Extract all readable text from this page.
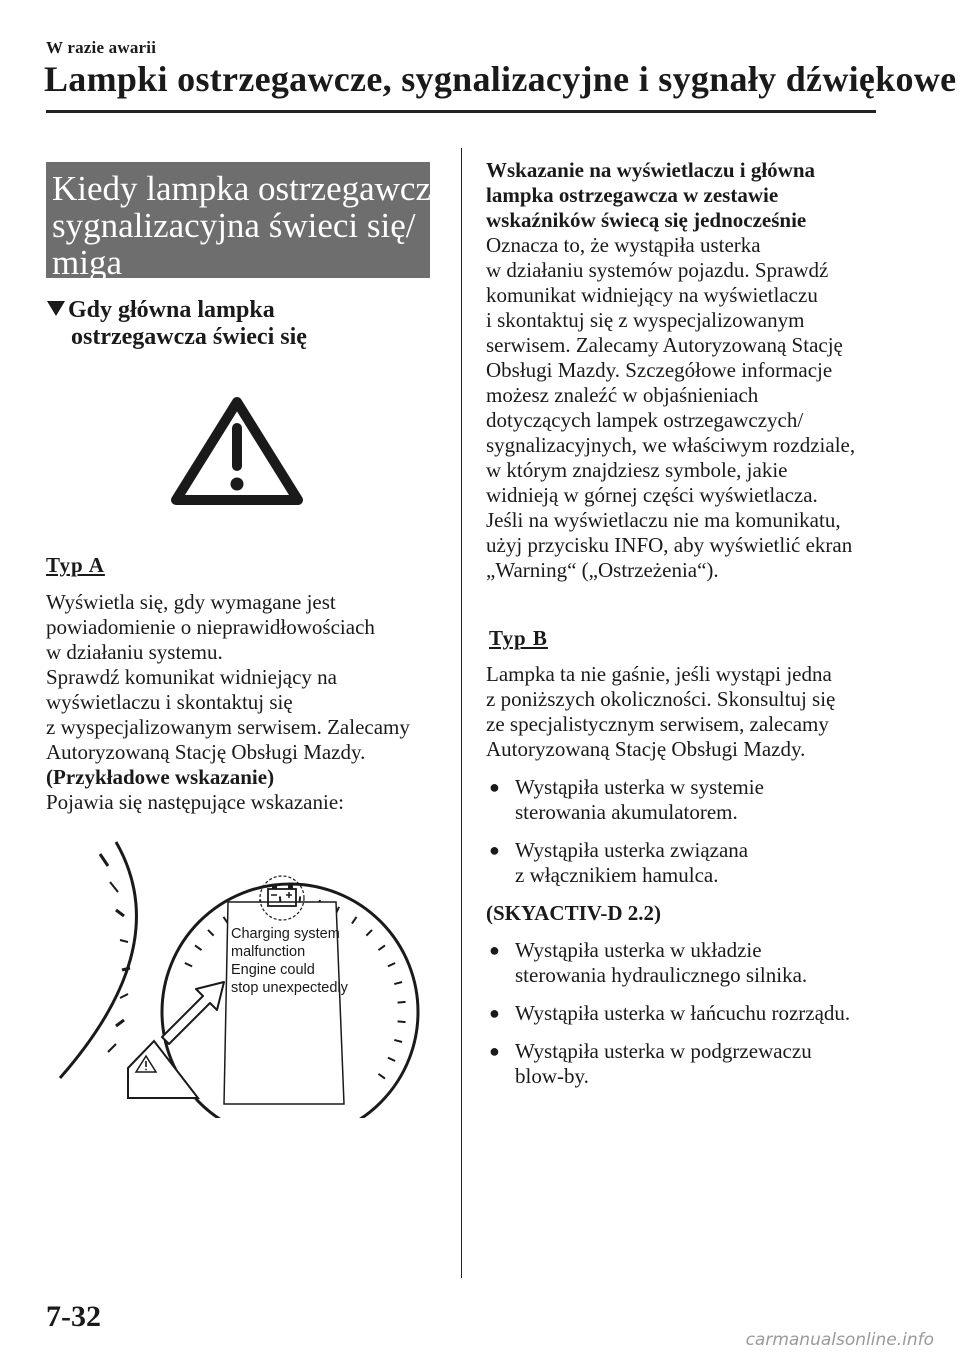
W razie awarii
Lampki ostrzegawcze, sygnalizacyjne i sygnały dźwiękowe
Kiedy lampka ostrzegawcza/
sygnalizacyjna świeci się/
miga
Gdy główna lampka
ostrzegawcza świeci się
Typ A
Wyświetla się, gdy wymagane jest
powiadomienie o nieprawidłowościach
w działaniu systemu.
Sprawdź komunikat widniejący na
wyświetlaczu i skontaktuj się
z wyspecjalizowanym serwisem. Zalecamy
Autoryzowaną Stację Obsługi Mazdy.
(Przykładowe wskazanie)
Pojawia się następujące wskazanie:
Charging system
malfunction
Engine could
stop unexpectedly
Wskazanie na wyświetlaczu i główna
lampka ostrzegawcza w zestawie
wskaźników świecą się jednocześnie
Oznacza to, że wystąpiła usterka
w działaniu systemów pojazdu. Sprawdź
komunikat widniejący na wyświetlaczu
i skontaktuj się z wyspecjalizowanym
serwisem. Zalecamy Autoryzowaną Stację
Obsługi Mazdy. Szczegółowe informacje
możesz znaleźć w objaśnieniach
dotyczących lampek ostrzegawczych/
sygnalizacyjnych, we właściwym rozdziale,
w którym znajdziesz symbole, jakie
widnieją w górnej części wyświetlacza.
Jeśli na wyświetlaczu nie ma komunikatu,
użyj przycisku INFO, aby wyświetlić ekran
„Warning“ („Ostrzeżenia“).
Typ B
Lampka ta nie gaśnie, jeśli wystąpi jedna
z poniższych okoliczności. Skonsultuj się
ze specjalistycznym serwisem, zalecamy
Autoryzowaną Stację Obsługi Mazdy.
● Wystąpiła usterka w systemie
sterowania akumulatorem.
● Wystąpiła usterka związana
z włącznikiem hamulca.
(SKYACTIV-D 2.2)
● Wystąpiła usterka w układzie
sterowania hydraulicznego silnika.
● Wystąpiła usterka w łańcuchu rozrządu.
● Wystąpiła usterka w podgrzewaczu
blow-by.
7-32
carmanualsonline.info
